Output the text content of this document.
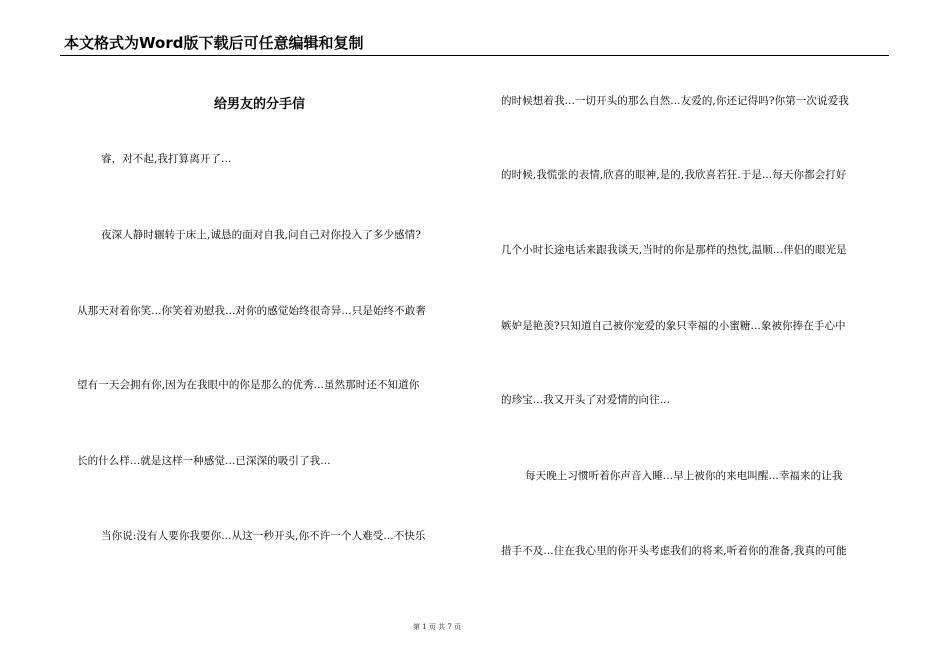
本文格式为Word版下载后可任意编辑和复制
给男友的分手信
睿，对不起,我打算离开了...
夜深人静时辗转于床上,诚恳的面对自我,问自己对你投入了多少感情?
从那天对着你笑...你笑着劝慰我...对你的感觉始终很奇异...只是始终不敢奢
望有一天会拥有你,因为在我眼中的你是那么的优秀...虽然那时还不知道你
长的什么样...就是这样一种感觉...已深深的吸引了我...
当你说:没有人要你我要你...从这一秒开头,你不许一个人难受...不快乐
的时候想着我...一切开头的那么自然...友爱的,你还记得吗?你第一次说爱我
的时候,我慌张的表情,欣喜的眼神,是的,我欣喜若狂.于是...每天你都会打好
几个小时长途电话来跟我谈天,当时的你是那样的热忱,温顺...伴侣的眼光是
嫉妒是艳羡?只知道自己被你宠爱的象只幸福的小蜜糖...象被你捧在手心中
的珍宝...我又开头了对爱情的向往...
每天晚上习惯听着你声音入睡...早上被你的来电叫醒...幸福来的让我
措手不及...住在我心里的你开头考虑我们的将来,听着你的准备,我真的可能
第 1 页 共 7 页
